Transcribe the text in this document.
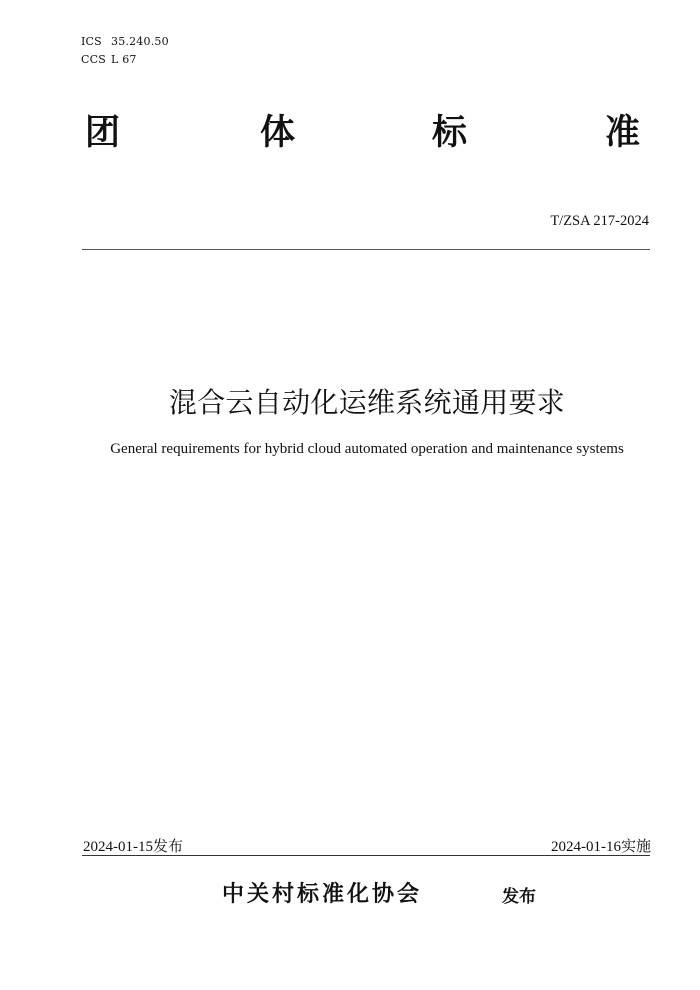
ICS 35.240.50
CCS L 67
团	体	标	准
T/ZSA 217-2024
混合云自动化运维系统通用要求
General requirements for hybrid cloud automated operation and maintenance systems
2024-01-15发布	2024-01-16实施
中关村标准化协会	发布
